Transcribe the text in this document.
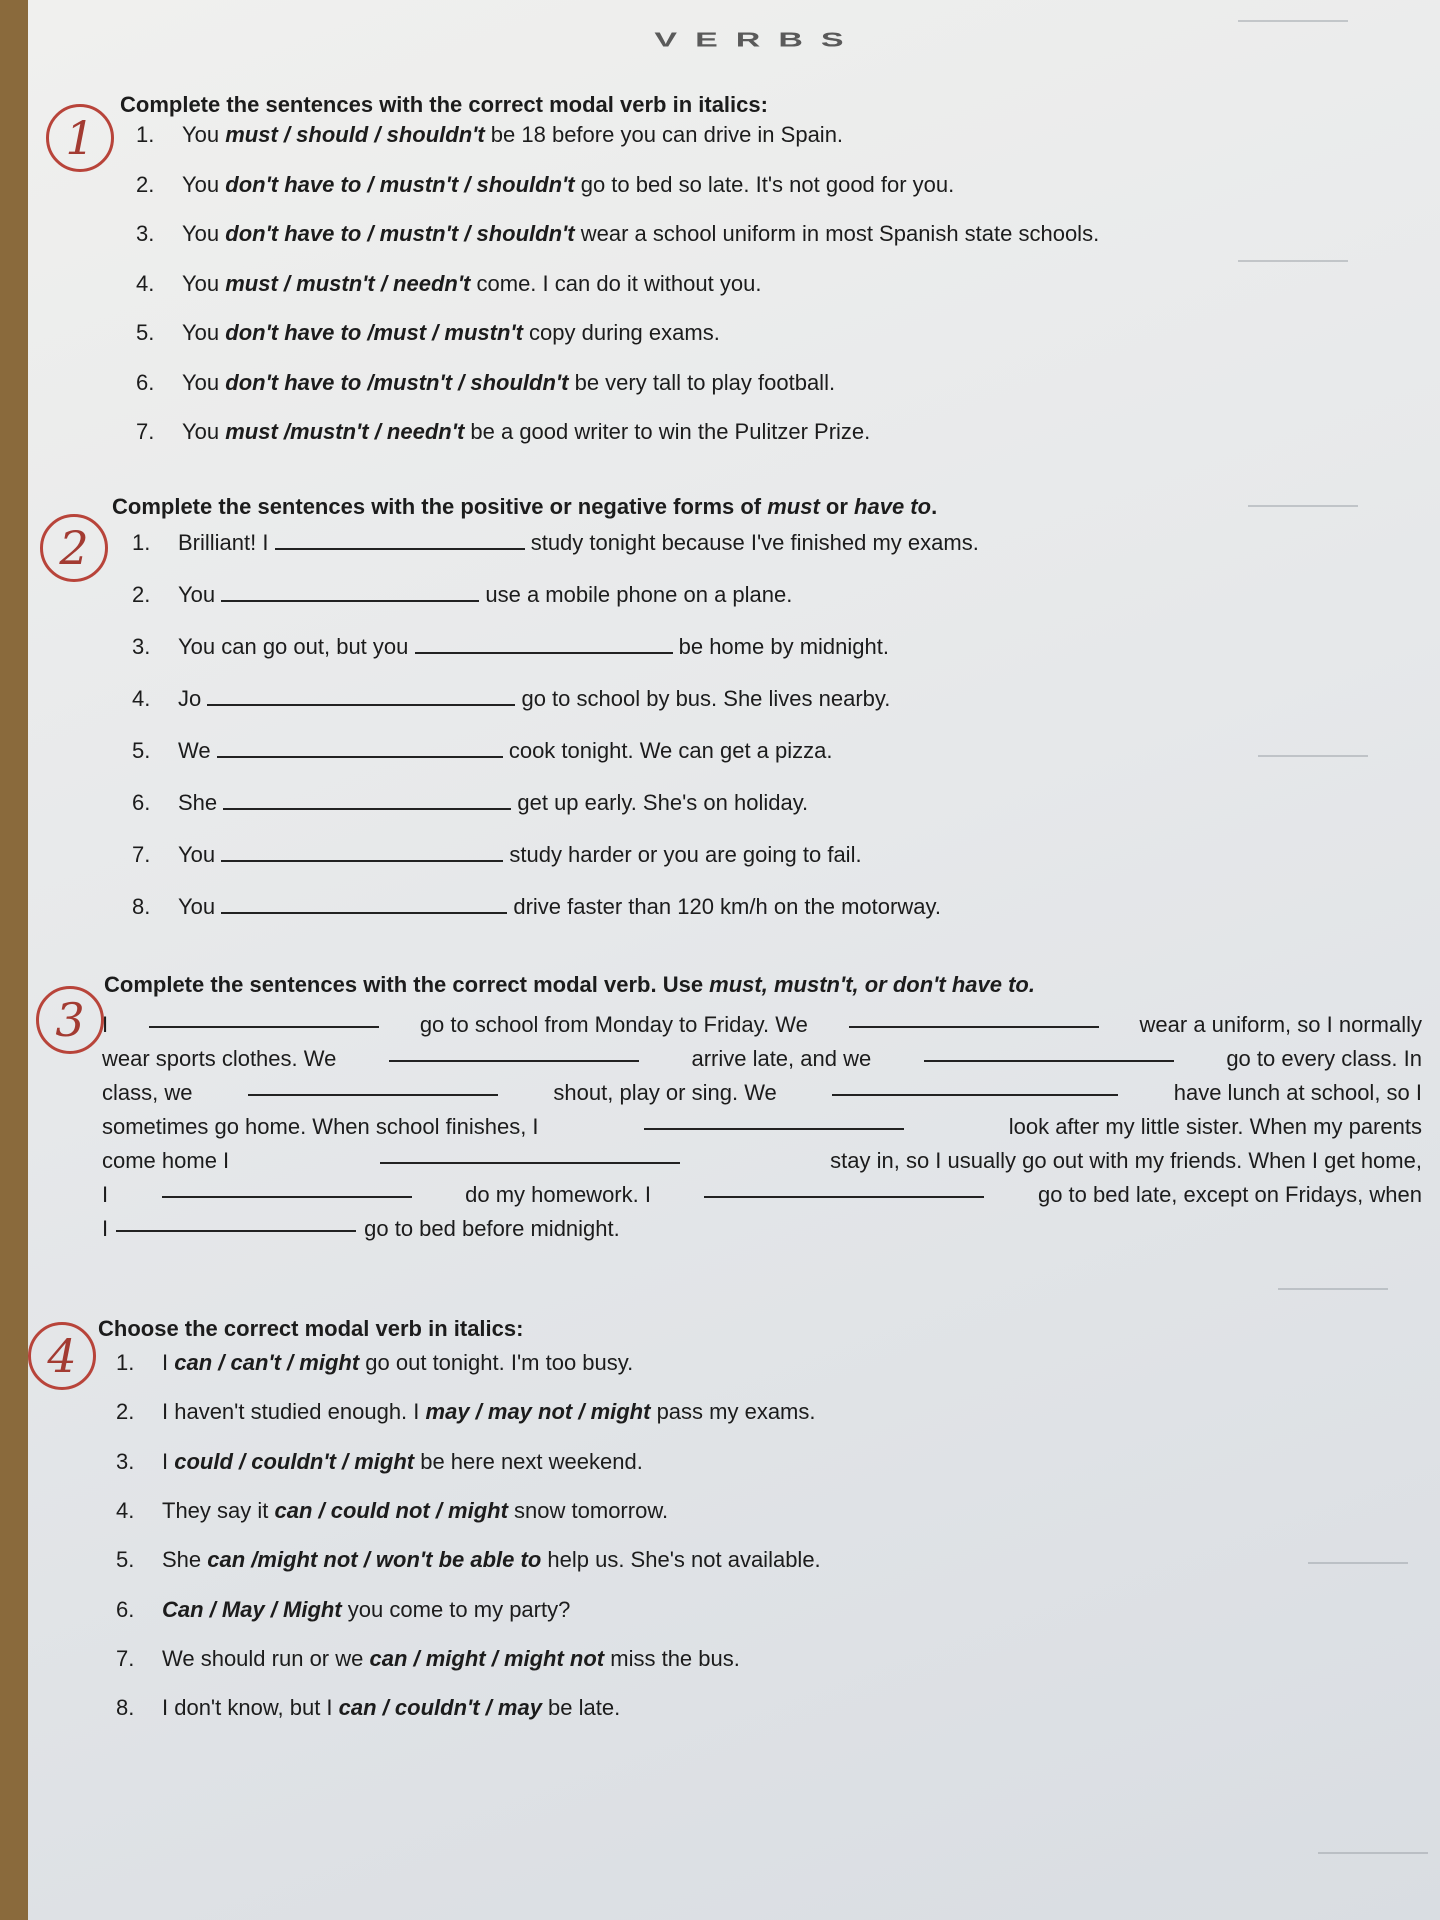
VERBS
1
Complete the sentences with the correct modal verb in italics:
1. You must / should / shouldn't be 18 before you can drive in Spain.
2. You don't have to / mustn't / shouldn't go to bed so late. It's not good for you.
3. You don't have to / mustn't / shouldn't wear a school uniform in most Spanish state schools.
4. You must / mustn't / needn't come. I can do it without you.
5. You don't have to /must / mustn't copy during exams.
6. You don't have to /mustn't / shouldn't be very tall to play football.
7. You must /mustn't / needn't be a good writer to win the Pulitzer Prize.
2
Complete the sentences with the positive or negative forms of must or have to.
1. Brilliant! I	study tonight because I've finished my exams.
2. You	use a mobile phone on a plane.
3. You can go out, but you	be home by midnight.
4. Jo	go to school by bus. She lives nearby.
5. We	cook tonight. We can get a pizza.
6. She	get up early. She's on holiday.
7. You	study harder or you are going to fail.
8. You	drive faster than 120 km/h on the motorway.
3
Complete the sentences with the correct modal verb. Use must, mustn't, or don't have to.
I	go to school from Monday to Friday. We	wear a uniform, so I normally
wear sports clothes. We	arrive late, and we	go to every class. In
class, we	shout, play or sing. We	have lunch at school, so I
sometimes go home. When school finishes, I	look after my little sister. When my parents
come home I	stay in, so I usually go out with my friends. When I get home,
I	do my homework. I	go to bed late, except on Fridays, when
I	go to bed before midnight.
4
Choose the correct modal verb in italics:
1. I can / can't / might go out tonight. I'm too busy.
2. I haven't studied enough. I may / may not / might pass my exams.
3. I could / couldn't / might be here next weekend.
4. They say it can / could not / might snow tomorrow.
5. She can /might not / won't be able to help us. She's not available.
6. Can / May / Might you come to my party?
7. We should run or we can / might / might not miss the bus.
8. I don't know, but I can / couldn't / may be late.
